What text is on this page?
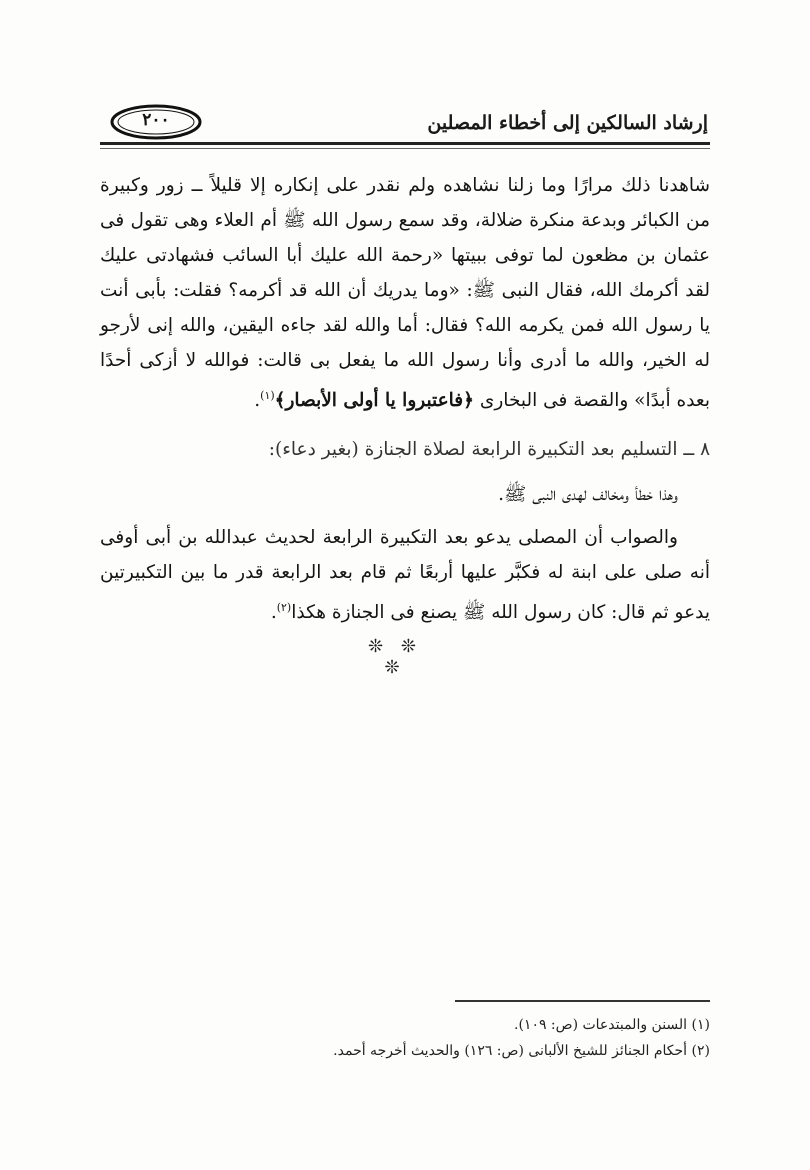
٢٠٠	إرشاد السالكين إلى أخطاء المصلين

شاهدنا ذلك مرارًا وما زلنا نشاهده ولم نقدر على إنكاره إلا قليلاً ــ زور وكبيرة من الكبائر وبدعة منكرة ضلالة، وقد سمع رسول الله ﷺ أم العلاء وهى تقول فى عثمان بن مظعون لما توفى ببيتها «رحمة الله عليك أبا السائب فشهادتى عليك لقد أكرمك الله، فقال النبى ﷺ: «وما يدريك أن الله قد أكرمه؟ فقلت: بأبى أنت يا رسول الله فمن يكرمه الله؟ فقال: أما والله لقد جاءه اليقين، والله إنى لأرجو له الخير، والله ما أدرى وأنا رسول الله ما يفعل بى قالت: فوالله لا أزكى أحدًا بعده أبدًا» والقصة فى البخارى ﴿فاعتبروا يا أولى الأبصار﴾$^{(١)}$.

٨ ــ التسليم بعد التكبيرة الرابعة لصلاة الجنازة (بغير دعاء):
وهذا خطأ ومخالف لهدى النبى ﷺ.
والصواب أن المصلى يدعو بعد التكبيرة الرابعة لحديث عبدالله بن أبى أوفى أنه صلى على ابنة له فكبَّر عليها أربعًا ثم قام بعد الرابعة قدر ما بين التكبيرتين يدعو ثم قال: كان رسول الله ﷺ يصنع فى الجنازة هكذا$^{(٢)}$.
❊ ❊ ❊

(١) السنن والمبتدعات (ص: ١٠٩).

(٢) أحكام الجنائز للشيخ الألبانى (ص: ١٢٦) والحديث أخرجه أحمد.
